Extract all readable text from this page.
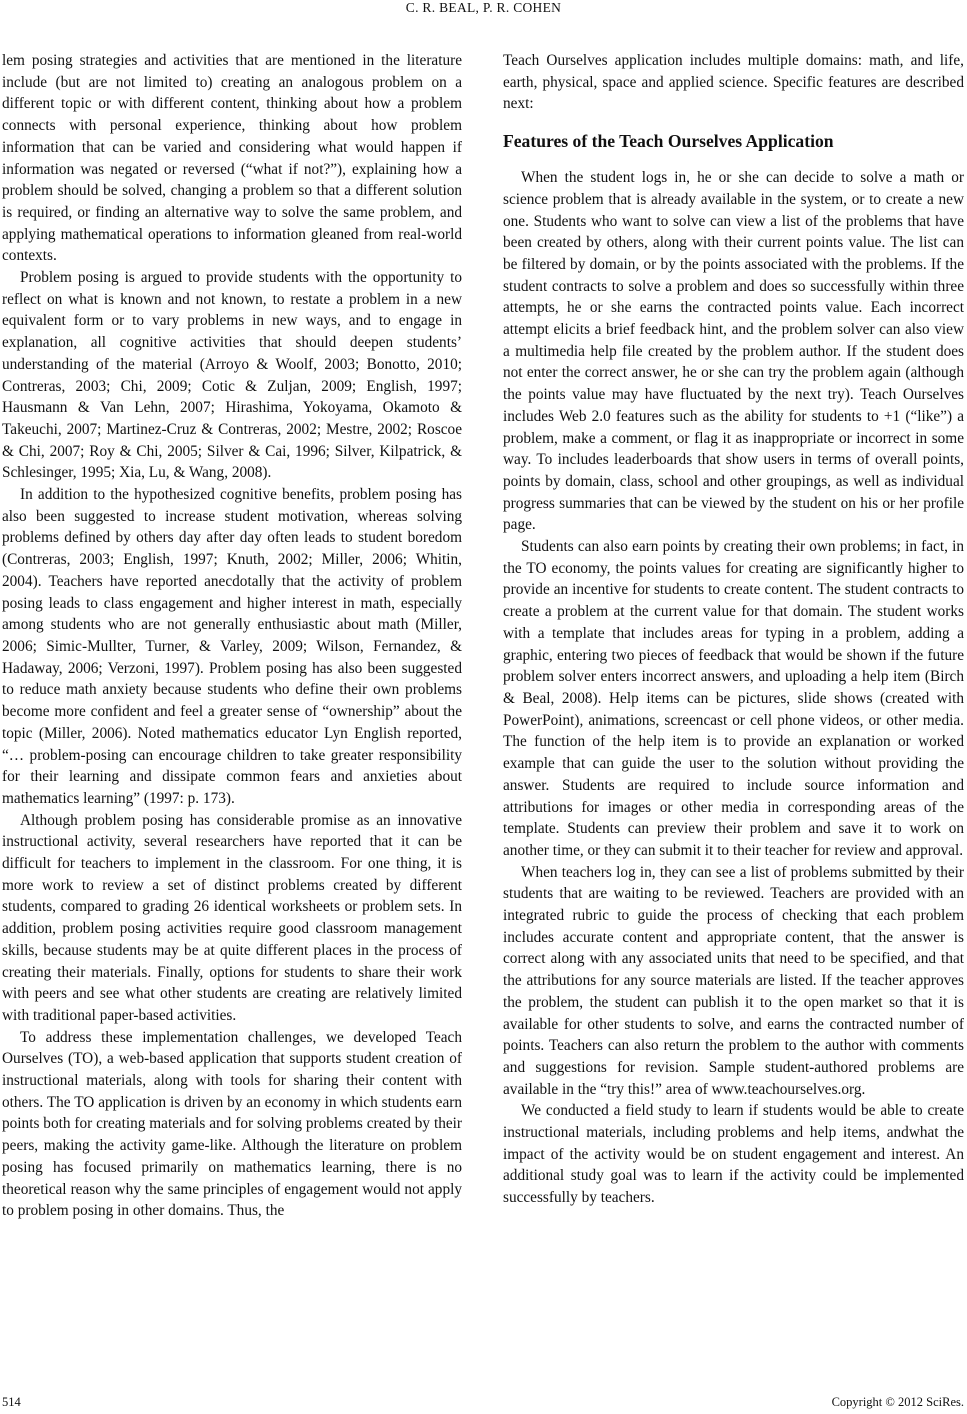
C. R. BEAL, P. R. COHEN

lem posing strategies and activities that are mentioned in the literature include (but are not limited to) creating an analogous problem on a different topic or with different content, thinking about how a problem connects with personal experience, thinking about how problem information that can be varied and considering what would happen if information was negated or reversed (“what if not?”), explaining how a problem should be solved, changing a problem so that a different solution is required, or finding an alternative way to solve the same problem, and applying mathematical operations to information gleaned from real-world contexts.

Problem posing is argued to provide students with the opportunity to reflect on what is known and not known, to restate a problem in a new equivalent form or to vary problems in new ways, and to engage in explanation, all cognitive activities that should deepen students’ understanding of the material (Arroyo & Woolf, 2003; Bonotto, 2010; Contreras, 2003; Chi, 2009; Cotic & Zuljan, 2009; English, 1997; Hausmann & Van Lehn, 2007; Hirashima, Yokoyama, Okamoto & Takeuchi, 2007; Martinez-Cruz & Contreras, 2002; Mestre, 2002; Roscoe & Chi, 2007; Roy & Chi, 2005; Silver & Cai, 1996; Silver, Kilpatrick, & Schlesinger, 1995; Xia, Lu, & Wang, 2008).

In addition to the hypothesized cognitive benefits, problem posing has also been suggested to increase student motivation, whereas solving problems defined by others day after day often leads to student boredom (Contreras, 2003; English, 1997; Knuth, 2002; Miller, 2006; Whitin, 2004). Teachers have reported anecdotally that the activity of problem posing leads to class engagement and higher interest in math, especially among students who are not generally enthusiastic about math (Miller, 2006; Simic-Mullter, Turner, & Varley, 2009; Wilson, Fernandez, & Hadaway, 2006; Verzoni, 1997). Problem posing has also been suggested to reduce math anxiety because students who define their own problems become more confident and feel a greater sense of “ownership” about the topic (Miller, 2006). Noted mathematics educator Lyn English reported, “… problem-posing can encourage children to take greater responsibility for their learning and dissipate common fears and anxieties about mathematics learning” (1997: p. 173).

Although problem posing has considerable promise as an innovative instructional activity, several researchers have reported that it can be difficult for teachers to implement in the classroom. For one thing, it is more work to review a set of distinct problems created by different students, compared to grading 26 identical worksheets or problem sets. In addition, problem posing activities require good classroom management skills, because students may be at quite different places in the process of creating their materials. Finally, options for students to share their work with peers and see what other students are creating are relatively limited with traditional paper-based activities.

To address these implementation challenges, we developed Teach Ourselves (TO), a web-based application that supports student creation of instructional materials, along with tools for sharing their content with others. The TO application is driven by an economy in which students earn points both for creating materials and for solving problems created by their peers, making the activity game-like. Although the literature on problem posing has focused primarily on mathematics learning, there is no theoretical reason why the same principles of engagement would not apply to problem posing in other domains. Thus, the

Teach Ourselves application includes multiple domains: math, and life, earth, physical, space and applied science. Specific features are described next:

Features of the Teach Ourselves Application

When the student logs in, he or she can decide to solve a math or science problem that is already available in the system, or to create a new one. Students who want to solve can view a list of the problems that have been created by others, along with their current points value. The list can be filtered by domain, or by the points associated with the problems. If the student contracts to solve a problem and does so successfully within three attempts, he or she earns the contracted points value. Each incorrect attempt elicits a brief feedback hint, and the problem solver can also view a multimedia help file created by the problem author. If the student does not enter the correct answer, he or she can try the problem again (although the points value may have fluctuated by the next try). Teach Ourselves includes Web 2.0 features such as the ability for students to +1 (“like”) a problem, make a comment, or flag it as inappropriate or incorrect in some way. To includes leaderboards that show users in terms of overall points, points by domain, class, school and other groupings, as well as individual progress summaries that can be viewed by the student on his or her profile page.

Students can also earn points by creating their own problems; in fact, in the TO economy, the points values for creating are significantly higher to provide an incentive for students to create content. The student contracts to create a problem at the current value for that domain. The student works with a template that includes areas for typing in a problem, adding a graphic, entering two pieces of feedback that would be shown if the future problem solver enters incorrect answers, and uploading a help item (Birch & Beal, 2008). Help items can be pictures, slide shows (created with PowerPoint), animations, screencast or cell phone videos, or other media. The function of the help item is to provide an explanation or worked example that can guide the user to the solution without providing the answer. Students are required to include source information and attributions for images or other media in corresponding areas of the template. Students can preview their problem and save it to work on another time, or they can submit it to their teacher for review and approval.

When teachers log in, they can see a list of problems submitted by their students that are waiting to be reviewed. Teachers are provided with an integrated rubric to guide the process of checking that each problem includes accurate content and appropriate content, that the answer is correct along with any associated units that need to be specified, and that the attributions for any source materials are listed. If the teacher approves the problem, the student can publish it to the open market so that it is available for other students to solve, and earns the contracted number of points. Teachers can also return the problem to the author with comments and suggestions for revision. Sample student-authored problems are available in the “try this!” area of www.teachourselves.org.

We conducted a field study to learn if students would be able to create instructional materials, including problems and help items, andwhat the impact of the activity would be on student engagement and interest. An additional study goal was to learn if the activity could be implemented successfully by teachers.

514	Copyright © 2012 SciRes.
